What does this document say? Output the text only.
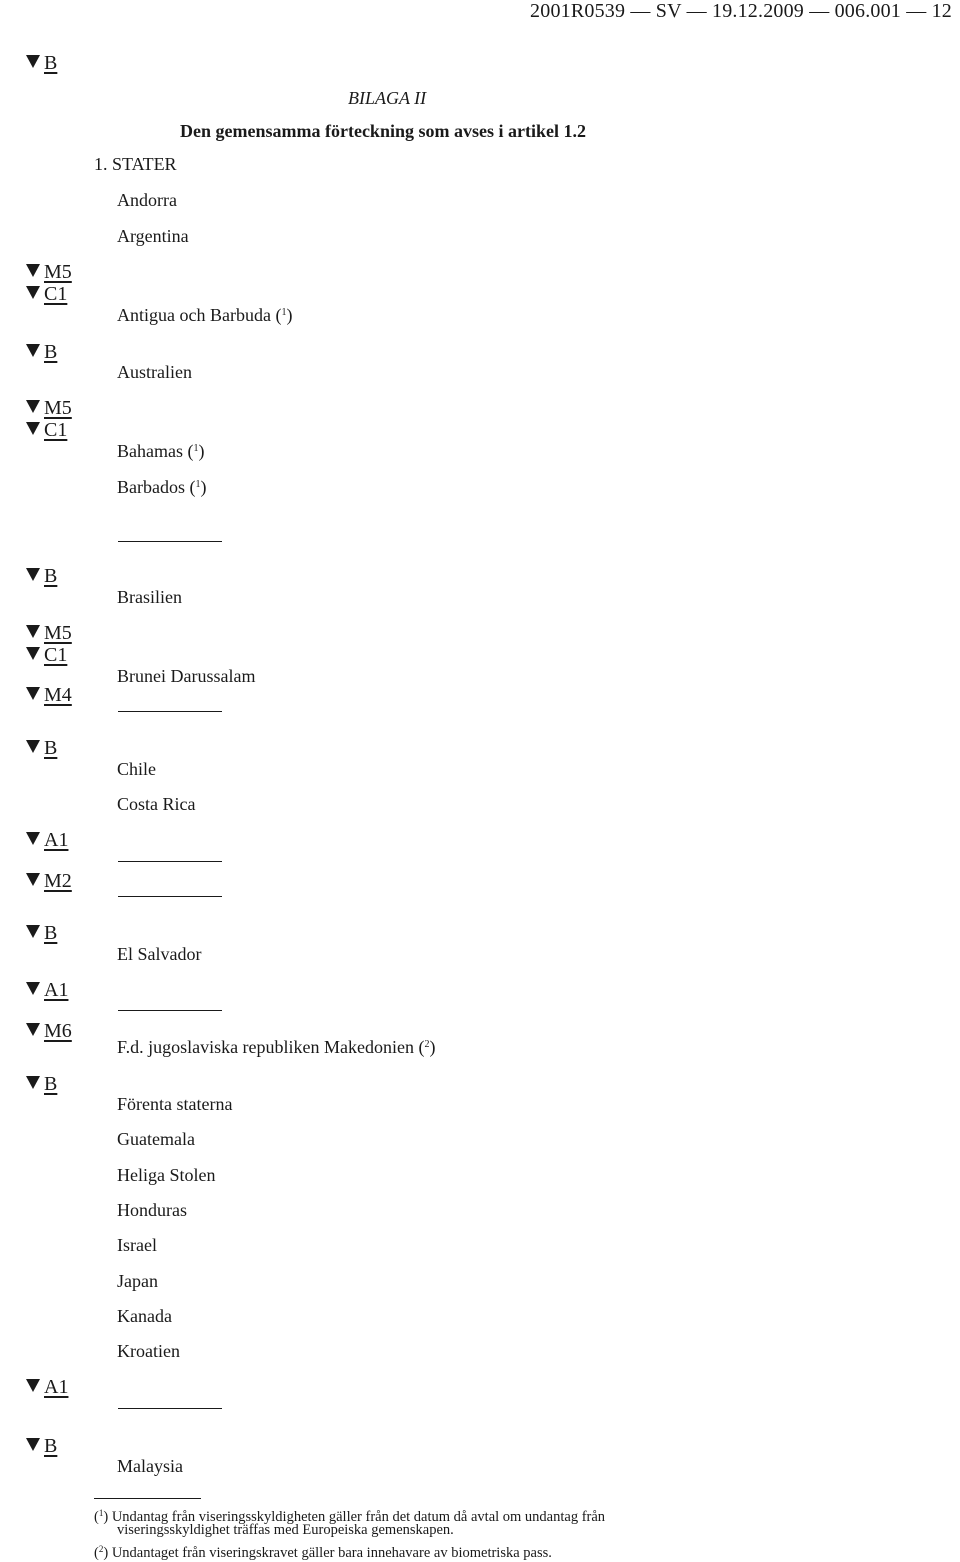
2001R0539 — SV — 19.12.2009 — 006.001 — 12
B
M5
C1
B
M5
C1
B
M5
C1
M4
B
A1
M2
B
A1
M6
B
A1
B
BILAGA II
Den gemensamma förteckning som avses i artikel 1.2
1. STATER
Andorra
Argentina
Antigua och Barbuda ($^1$)
Australien
Bahamas ($^1$)
Barbados ($^1$)
Brasilien
Brunei Darussalam
Chile
Costa Rica
El Salvador
F.d. jugoslaviska republiken Makedonien ($^2$)
Förenta staterna
Guatemala
Heliga Stolen
Honduras
Israel
Japan
Kanada
Kroatien
Malaysia
($^1$) Undantag från viseringsskyldigheten gäller från det datum då avtal om undantag från
viseringsskyldighet träffas med Europeiska gemenskapen.
($^2$) Undantaget från viseringskravet gäller bara innehavare av biometriska pass.
